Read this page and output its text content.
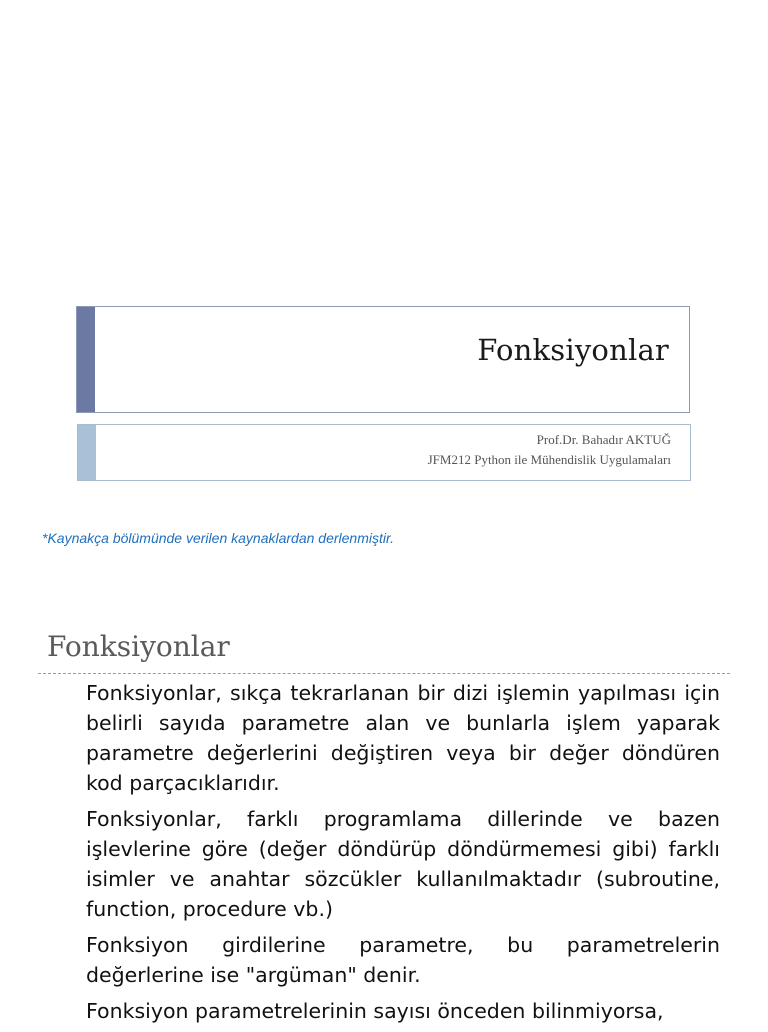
Fonksiyonlar
Prof.Dr. Bahadır AKTUĞ
JFM212 Python ile Mühendislik Uygulamaları
*Kaynakça bölümünde verilen kaynaklardan derlenmiştir.
Fonksiyonlar

Fonksiyonlar, sıkça tekrarlanan bir dizi işlemin yapılması için belirli sayıda parametre alan ve bunlarla işlem yaparak parametre değerlerini değiştiren veya bir değer döndüren kod parçacıklarıdır.

Fonksiyonlar, farklı programlama dillerinde ve bazen işlevlerine göre (değer döndürüp döndürmemesi gibi) farklı isimler ve anahtar sözcükler kullanılmaktadır (subroutine, function, procedure vb.)

Fonksiyon girdilerine parametre, bu parametrelerin değerlerine ise "argüman" denir.

Fonksiyon parametrelerinin sayısı önceden bilinmiyorsa,
